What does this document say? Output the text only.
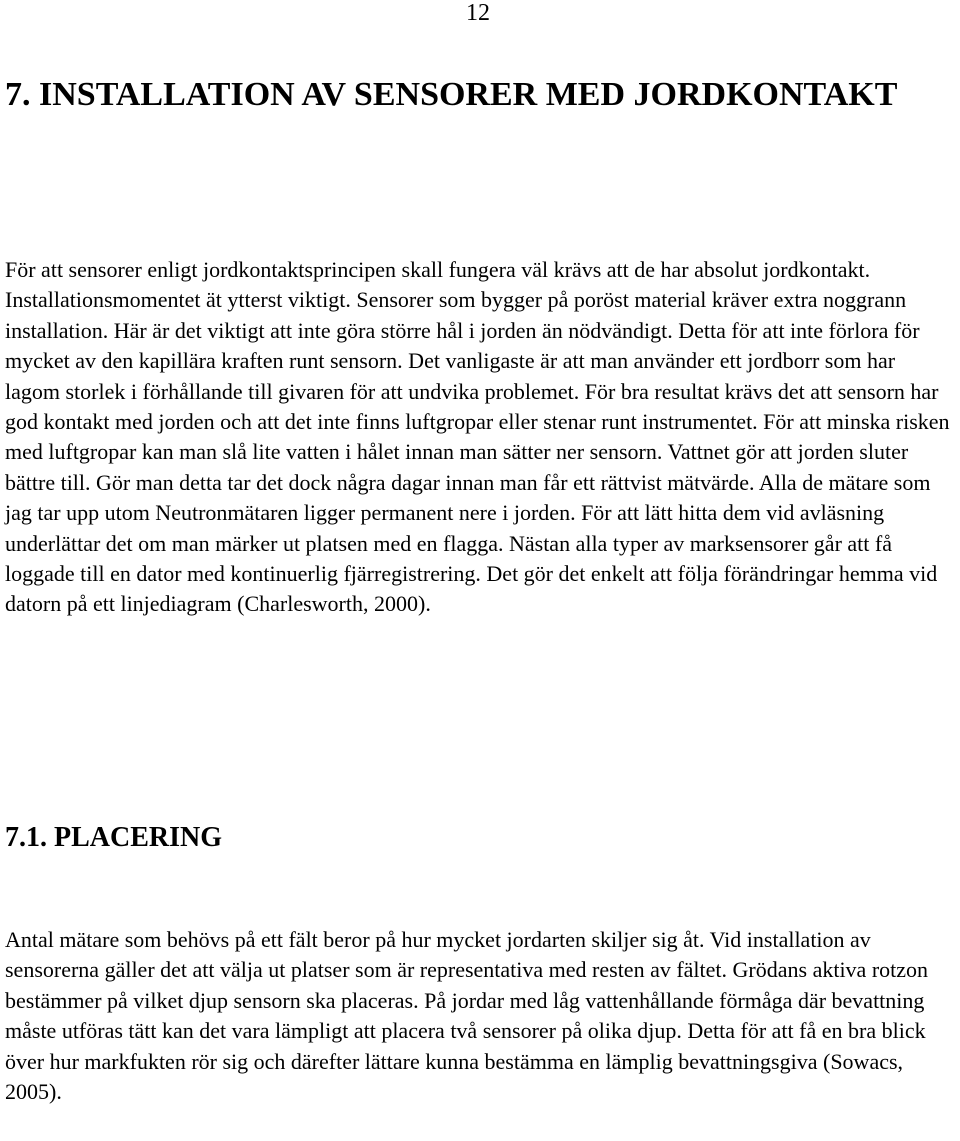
12
7. INSTALLATION AV SENSORER MED JORDKONTAKT

För att sensorer enligt jordkontaktsprincipen skall fungera väl krävs att de har absolut jordkontakt. Installationsmomentet ät ytterst viktigt. Sensorer som bygger på poröst material kräver extra noggrann installation. Här är det viktigt att inte göra större hål i jorden än nödvändigt. Detta för att inte förlora för mycket av den kapillära kraften runt sensorn. Det vanligaste är att man använder ett jordborr som har lagom storlek i förhållande till givaren för att undvika problemet. För bra resultat krävs det att sensorn har god kontakt med jorden och att det inte finns luftgropar eller stenar runt instrumentet. För att minska risken med luftgropar kan man slå lite vatten i hålet innan man sätter ner sensorn. Vattnet gör att jorden sluter bättre till. Gör man detta tar det dock några dagar innan man får ett rättvist mätvärde. Alla de mätare som jag tar upp utom Neutronmätaren ligger permanent nere i jorden. För att lätt hitta dem vid avläsning underlättar det om man märker ut platsen med en flagga. Nästan alla typer av marksensorer går att få loggade till en dator med kontinuerlig fjärregistrering. Det gör det enkelt att följa förändringar hemma vid datorn på ett linjediagram (Charlesworth, 2000).

7.1. PLACERING

Antal mätare som behövs på ett fält beror på hur mycket jordarten skiljer sig åt. Vid installation av sensorerna gäller det att välja ut platser som är representativa med resten av fältet. Grödans aktiva rotzon bestämmer på vilket djup sensorn ska placeras. På jordar med låg vattenhållande förmåga där bevattning måste utföras tätt kan det vara lämpligt att placera två sensorer på olika djup. Detta för att få en bra blick över hur markfukten rör sig och därefter lättare kunna bestämma en lämplig bevattningsgiva (Sowacs, 2005).
